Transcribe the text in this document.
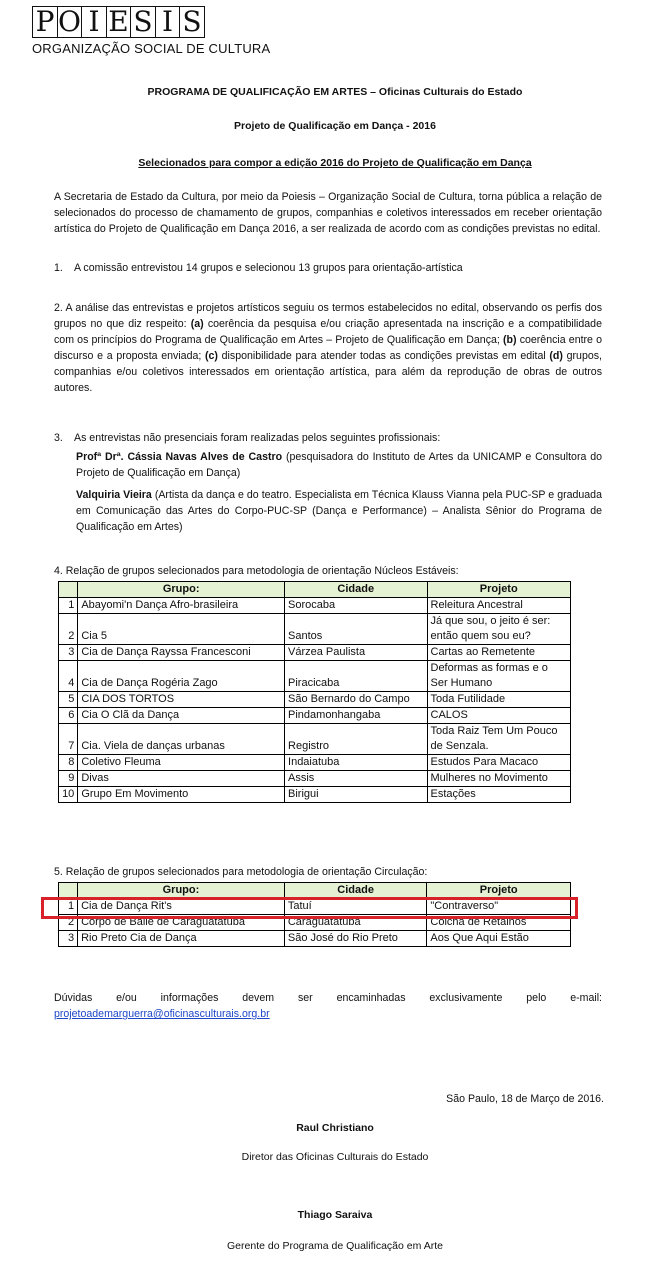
P O I E S I S
ORGANIZAÇÃO SOCIAL DE CULTURA
PROGRAMA DE QUALIFICAÇÃO EM ARTES – Oficinas Culturais do Estado
Projeto de Qualificação em Dança - 2016
Selecionados para compor a edição 2016 do Projeto de Qualificação em Dança
A Secretaria de Estado da Cultura, por meio da Poiesis – Organização Social de Cultura, torna pública a relação de selecionados do processo de chamamento de grupos, companhias e coletivos interessados em receber orientação artística do Projeto de Qualificação em Dança 2016, a ser realizada de acordo com as condições previstas no edital.
1. A comissão entrevistou 14 grupos e selecionou 13 grupos para orientação-artística
2. A análise das entrevistas e projetos artísticos seguiu os termos estabelecidos no edital, observando os perfis dos grupos no que diz respeito: (a) coerência da pesquisa e/ou criação apresentada na inscrição e a compatibilidade com os princípios do Programa de Qualificação em Artes – Projeto de Qualificação em Dança; (b) coerência entre o discurso e a proposta enviada; (c) disponibilidade para atender todas as condições previstas em edital (d) grupos, companhias e/ou coletivos interessados em orientação artística, para além da reprodução de obras de outros autores.
3. As entrevistas não presenciais foram realizadas pelos seguintes profissionais:
Profª Drª. Cássia Navas Alves de Castro (pesquisadora do Instituto de Artes da UNICAMP e Consultora do Projeto de Qualificação em Dança)
Valquiria Vieira (Artista da dança e do teatro. Especialista em Técnica Klauss Vianna pela PUC-SP e graduada em Comunicação das Artes do Corpo-PUC-SP (Dança e Performance) – Analista Sênior do Programa de Qualificação em Artes)
4. Relação de grupos selecionados para metodologia de orientação Núcleos Estáveis:
	Grupo:	Cidade	Projeto
1	Abayomi'n Dança Afro-brasileira	Sorocaba	Releitura Ancestral
2	Cia 5	Santos	Já que sou, o jeito é ser: então quem sou eu?
3	Cia de Dança Rayssa Francesconi	Várzea Paulista	Cartas ao Remetente
4	Cia de Dança Rogéria Zago	Piracicaba	Deformas as formas e o Ser Humano
5	CIA DOS TORTOS	São Bernardo do Campo	Toda Futilidade
6	Cia O Clã da Dança	Pindamonhangaba	CALOS
7	Cia. Viela de danças urbanas	Registro	Toda Raiz Tem Um Pouco de Senzala.
8	Coletivo Fleuma	Indaiatuba	Estudos Para Macaco
9	Divas	Assis	Mulheres no Movimento
10	Grupo Em Movimento	Birigui	Estações
5. Relação de grupos selecionados para metodologia de orientação Circulação:
	Grupo:	Cidade	Projeto
1	Cia de Dança Rit's	Tatuí	"Contraverso"
2	Corpo de Baile de Caraguatatuba	Caraguatatuba	Colcha de Retalhos
3	Rio Preto Cia de Dança	São José do Rio Preto	Aos Que Aqui Estão
Dúvidas e/ou informações devem ser encaminhadas exclusivamente pelo e-mail: projetoademarguerra@oficinasculturais.org.br
São Paulo, 18 de Março de 2016.
Raul Christiano
Diretor das Oficinas Culturais do Estado
Thiago Saraiva
Gerente do Programa de Qualificação em Arte
